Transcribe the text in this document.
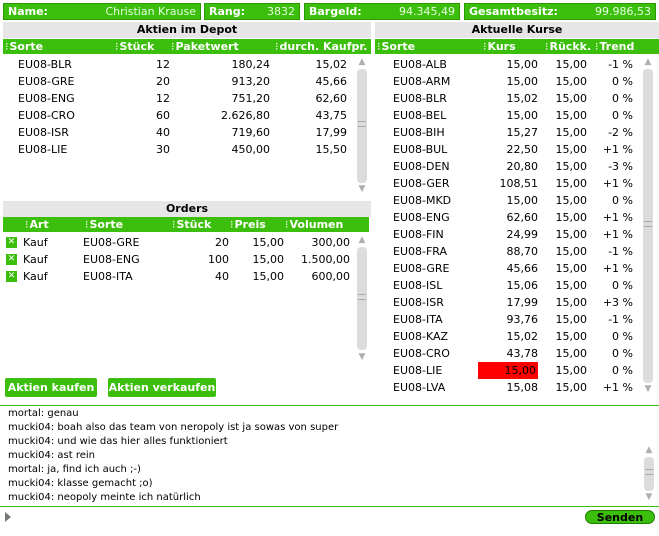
Name:	Christian Krause Rang: 3832 Bargeld:	94.345,49 Gesamtbesitz:	99.986,53
Aktien im Depot
⁝ Sorte	⁝ Stück	⁝ Paketwert	⁝ durch. Kaufpr.
EU08-BLR	12	180,24	15,02
EU08-GRE	20	913,20	45,66
EU08-ENG	12	751,20	62,60
EU08-CRO	60	2.626,80	43,75
EU08-ISR	40	719,60	17,99
EU08-LIE	30	450,00	15,50
▲
▼
Orders
⁝ Art	⁝ Sorte	⁝ Stück	⁝ Preis	⁝ Volumen
✕ Kauf	EU08-GRE	20	15,00	300,00
✕ Kauf	EU08-ENG	100	15,00	1.500,00
✕ Kauf	EU08-ITA	40	15,00	600,00
▲
▼
Aktien kaufen Aktien verkaufen
Aktuelle Kurse
⁝ Sorte	⁝ Kurs	⁝ Rückk. ⁝ Trend
EU08-ALB	15,00	15,00	-1 %
EU08-ARM	15,00	15,00	0 %
EU08-BLR	15,02	15,00	0 %
EU08-BEL	15,00	15,00	0 %
EU08-BIH	15,27	15,00	-2 %
EU08-BUL	22,50	15,00	+1 %
EU08-DEN	20,80	15,00	-3 %
EU08-GER	108,51	15,00	+1 %
EU08-MKD	15,00	15,00	0 %
EU08-ENG	62,60	15,00	+1 %
EU08-FIN	24,99	15,00	+1 %
EU08-FRA	88,70	15,00	-1 %
EU08-GRE	45,66	15,00	+1 %
EU08-ISL	15,06	15,00	0 %
EU08-ISR	17,99	15,00	+3 %
EU08-ITA	93,76	15,00	-1 %
EU08-KAZ	15,02	15,00	0 %
EU08-CRO	43,78	15,00	0 %
EU08-LIE	15,00	15,00	0 %
EU08-LVA	15,08	15,00	+1 %
▲
▼
mortal: genau
mucki04: boah also das team von neropoly ist ja sowas von super
mucki04: und wie das hier alles funktioniert
mucki04: ast rein
mortal: ja, find ich auch ;-)
mucki04: klasse gemacht ;o)
mucki04: neopoly meinte ich natürlich
▲
▼
Senden
